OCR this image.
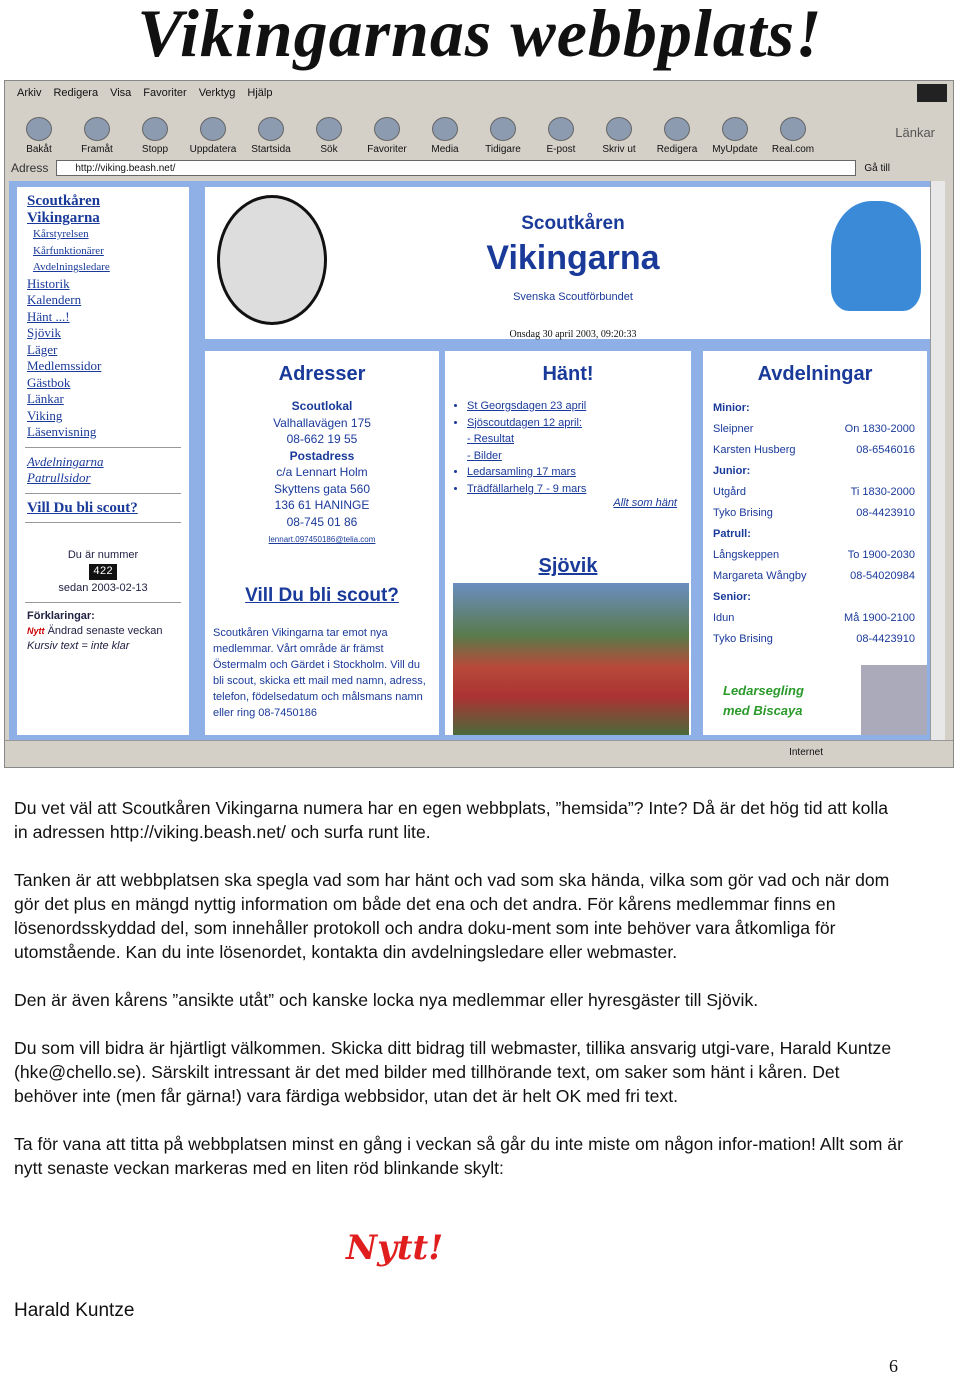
Vikingarnas webbplats!
Arkiv Redigera Visa Favoriter Verktyg Hjälp
Bakåt	Framåt	Stopp Uppdatera Startsida	Sök	Favoriter Media	Tidigare	E-post	Skriv ut Redigera MyUpdate Real.com
Länkar
Adress	http://viking.beash.net/	Gå till
Scoutkåren
Vikingarna
Kårstyrelsen
Kårfunktionärer
Avdelningsledare
Historik
Kalendern
Hänt ...!
Sjövik
Läger
Medlemssidor
Gästbok
Länkar
Viking
Läsenvisning
Avdelningarna
Patrullsidor
Vill Du bli scout?
Du är nummer
422
sedan 2003-02-13
Förklaringar:
Nytt Ändrad senaste veckan
Kursiv text = inte klar
Scoutkåren
Vikingarna
Svenska Scoutförbundet
Onsdag 30 april 2003, 09:20:33
Adresser
Scoutlokal
Valhallavägen 175
08-662 19 55
Postadress
c/a Lennart Holm
Skyttens gata 560
136 61 HANINGE
08-745 01 86
lennart.097450186@telia.com
Vill Du bli scout?
Scoutkåren Vikingarna tar emot nya medlemmar. Vårt område är främst Östermalm och Gärdet i Stockholm. Vill du bli scout, skicka ett mail med namn, adress, telefon, födelsedatum och målsmans namn eller ring 08-7450186
Hänt!
• St Georgsdagen 23 april
• Sjöscoutdagen 12 april:
- Resultat
- Bilder
• Ledarsamling 17 mars
• Trädfällarhelg 7 - 9 mars
Allt som hänt
Sjövik
Avdelningar
Minior:
Sleipner	On 1830-2000
Karsten Husberg	08-6546016
Junior:
Utgård	Ti 1830-2000
Tyko Brising	08-4423910
Patrull:
Långskeppen	To 1900-2030
Margareta Wångby	08-54020984
Senior:
Idun	Må 1900-2100
Tyko Brising	08-4423910
Ledarsegling
med Biscaya
Internet

Du vet väl att Scoutkåren Vikingarna numera har en egen webbplats, ”hemsida”? Inte? Då är det hög tid att kolla in adressen http://viking.beash.net/ och surfa runt lite.

Tanken är att webbplatsen ska spegla vad som har hänt och vad som ska hända, vilka som gör vad och när dom gör det plus en mängd nyttig information om både det ena och det andra. För kårens medlemmar finns en lösenordsskyddad del, som innehåller protokoll och andra doku-ment som inte behöver vara åtkomliga för utomstående. Kan du inte lösenordet, kontakta din avdelningsledare eller webmaster.

Den är även kårens ”ansikte utåt” och kanske locka nya medlemmar eller hyresgäster till Sjövik.

Du som vill bidra är hjärtligt välkommen. Skicka ditt bidrag till webmaster, tillika ansvarig utgi-vare, Harald Kuntze (hke@chello.se). Särskilt intressant är det med bilder med tillhörande text, om saker som hänt i kåren. Det behöver inte (men får gärna!) vara färdiga webbsidor, utan det är helt OK med fri text.

Ta för vana att titta på webbplatsen minst en gång i veckan så går du inte miste om någon infor-mation! Allt som är nytt senaste veckan markeras med en liten röd blinkande skylt:

Nytt!
Harald Kuntze
6
